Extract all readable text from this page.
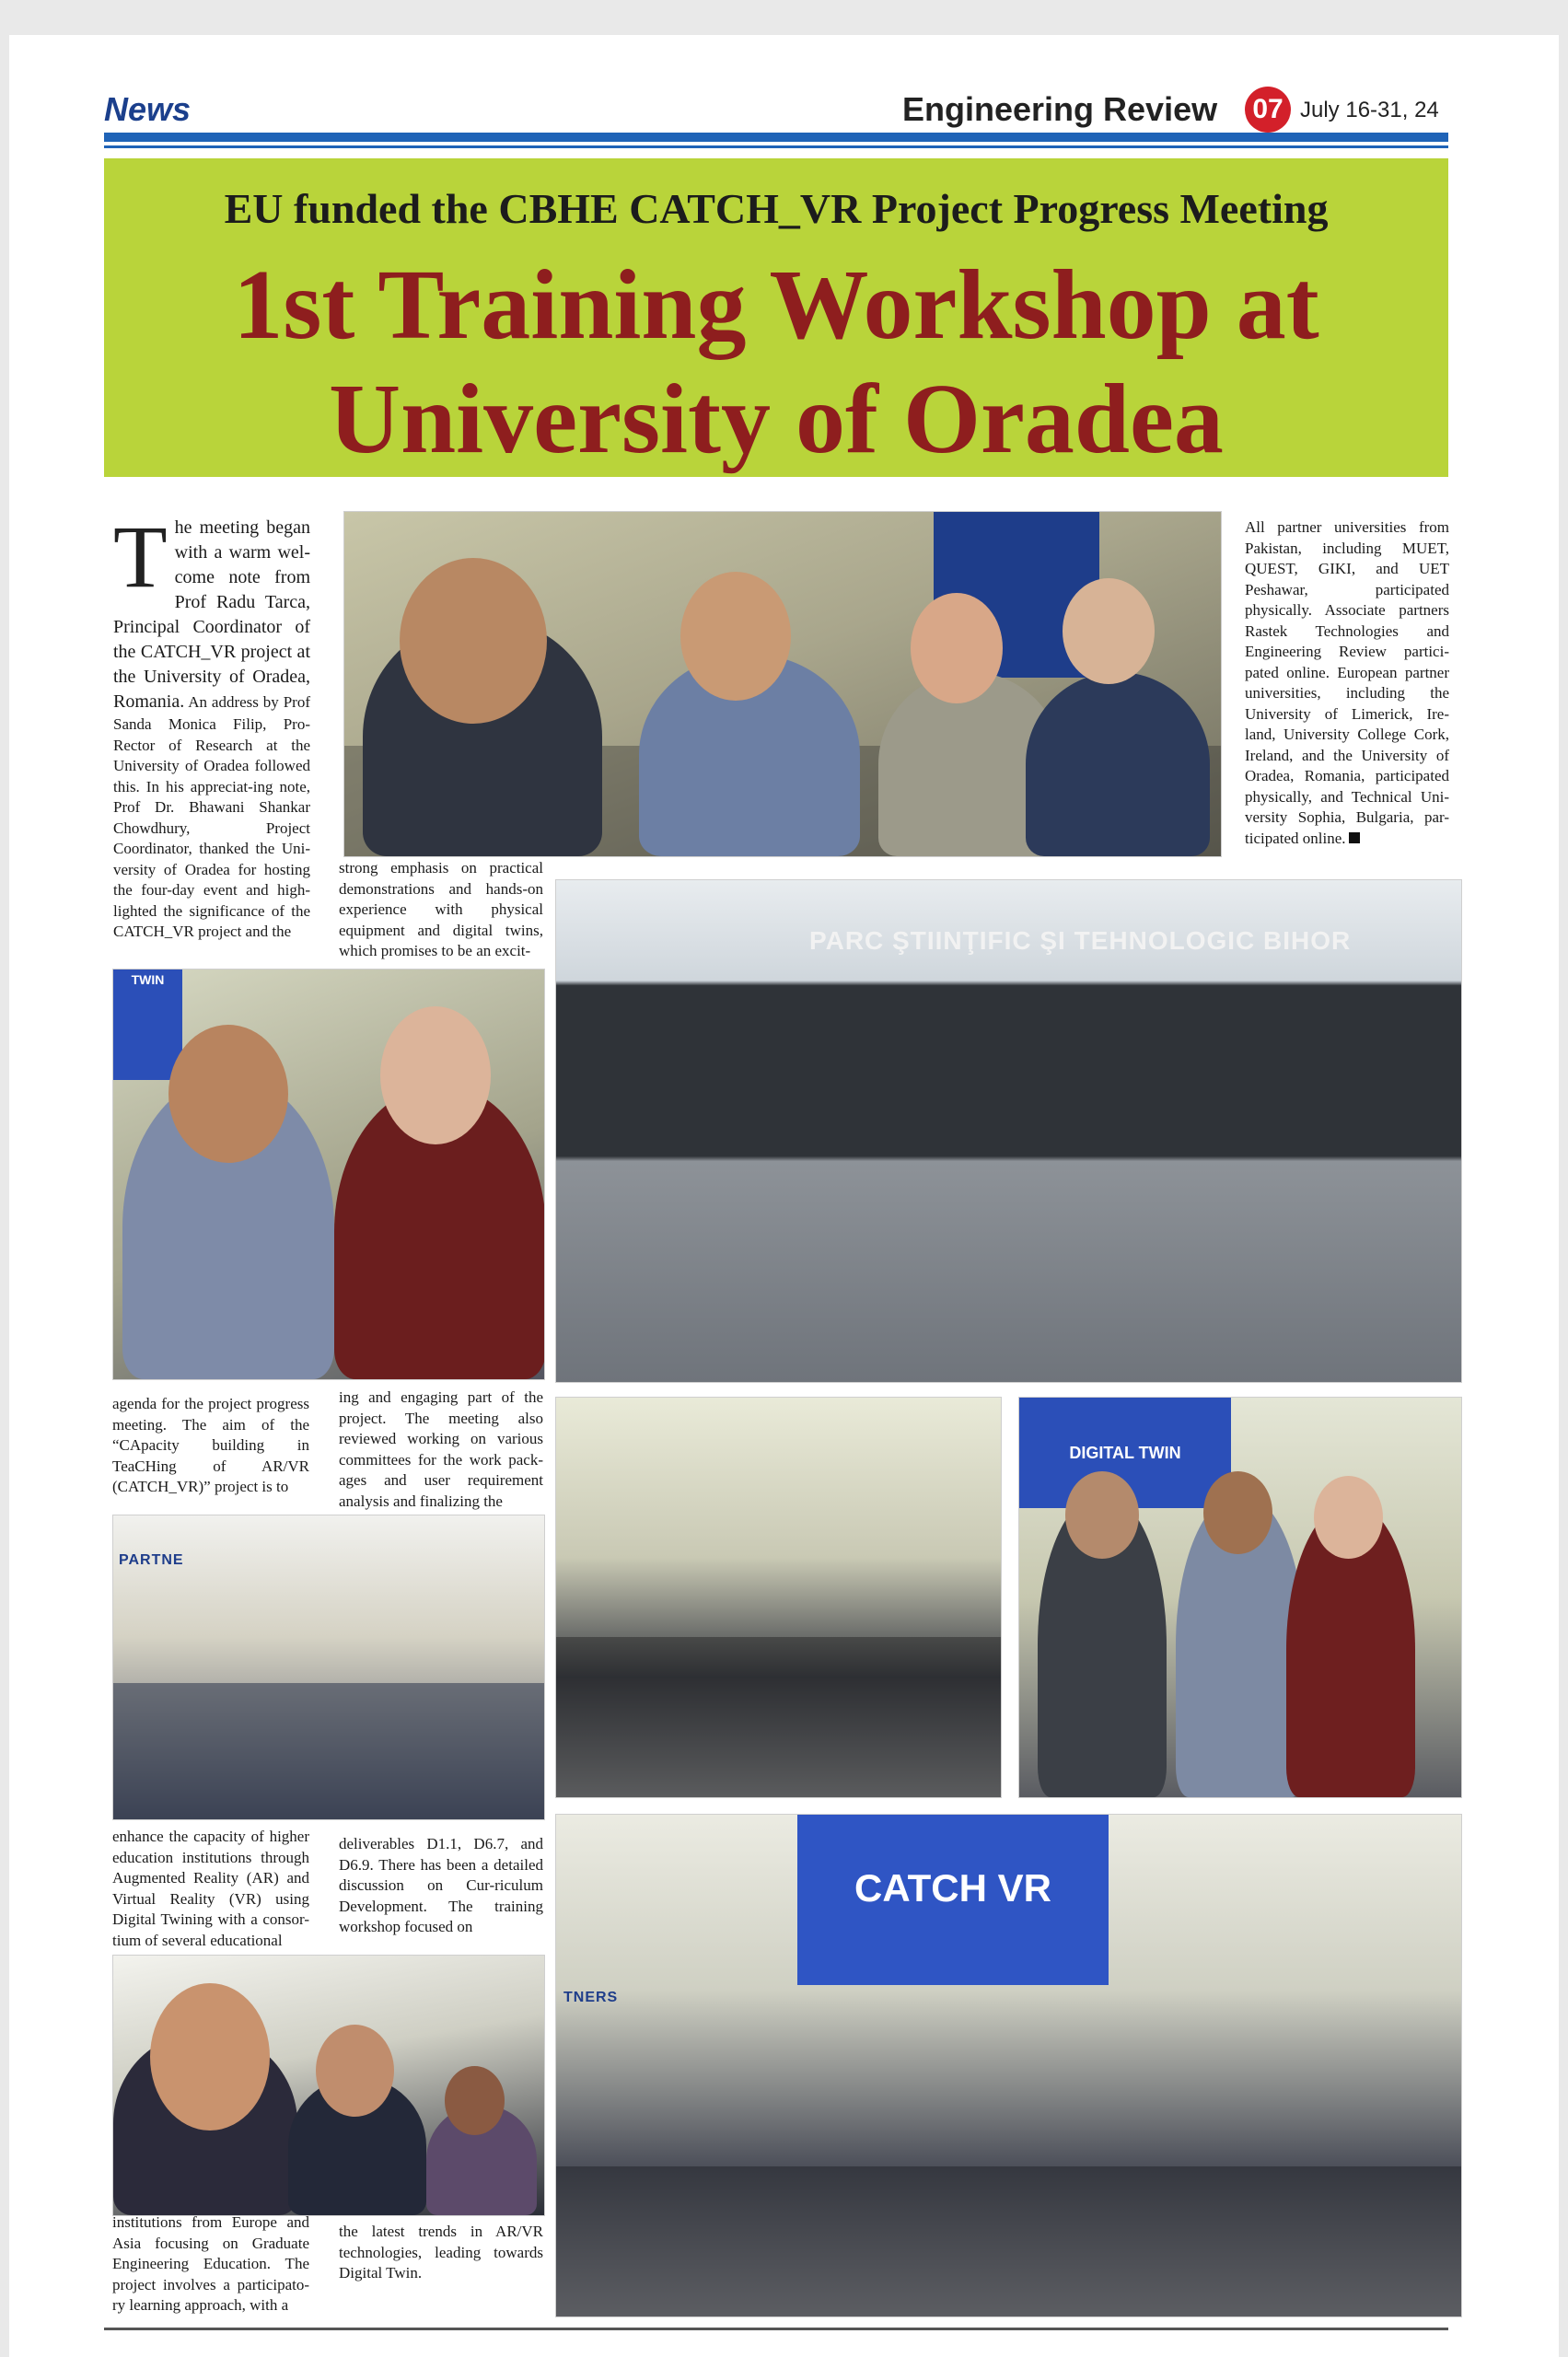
News	Engineering Review 07 July 16-31, 24
EU funded the CBHE CATCH_VR Project Progress Meeting
1st Training Workshop at
University of Oradea
T he meeting began with a warm wel-come note from Prof Radu Tarca, Principal Coordinator of the CATCH_VR project at the University of Oradea, Romania. An address by Prof Sanda Monica Filip, Pro-Rector of Research at the University of Oradea followed this. In his appreciat-ing note, Prof Dr. Bhawani Shankar Chowdhury, Project Coordinator, thanked the Uni-versity of Oradea for hosting the four-day event and high-lighted the significance of the CATCH_VR project and the
All partner universities from Pakistan, including MUET, QUEST, GIKI, and UET Peshawar, participated physically. Associate partners Rastek Technologies and Engineering Review partici-pated online. European partner universities, including the University of Limerick, Ire-land, University College Cork, Ireland, and the University of Oradea, Romania, participated physically, and Technical Uni-versity Sophia, Bulgaria, par-ticipated online.
strong emphasis on practical demonstrations and hands-on experience with physical equipment and digital twins, which promises to be an excit-
TWIN
PARC ŞTIINŢIFIC ŞI TEHNOLOGIC BIHOR
agenda for the project progress meeting. The aim of the “CApacity building in TeaCHing of AR/VR (CATCH_VR)” project is to
ing and engaging part of the project. The meeting also reviewed working on various committees for the work pack-ages and user requirement analysis and finalizing the
DIGITAL TWIN
PARTNE
enhance the capacity of higher education institutions through Augmented Reality (AR) and Virtual Reality (VR) using Digital Twining with a consor-tium of several educational
deliverables D1.1, D6.7, and D6.9. There has been a detailed discussion on Cur-riculum Development. The training workshop focused on
CATCH VR
TNERS
institutions from Europe and Asia focusing on Graduate Engineering Education. The project involves a participato-ry learning approach, with a
the latest trends in AR/VR technologies, leading towards Digital Twin.
